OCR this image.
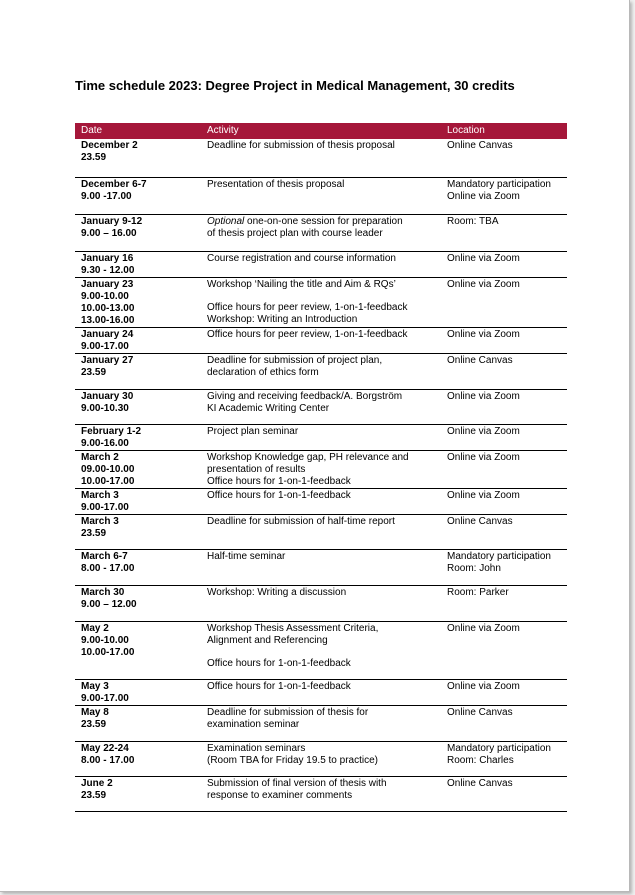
Time schedule 2023: Degree Project in Medical Management, 30 credits
Date	Activity	Location

December 2
23.59	Deadline for submission of thesis proposal	Online Canvas

December 6-7
9.00 -17.00	Presentation of thesis proposal	Mandatory participation
Online via Zoom

January 9-12
9.00 – 16.00	Optional one-on-one session for preparation
of thesis project plan with course leader	Room: TBA

January 16
9.30 - 12.00	Course registration and course information	Online via Zoom

January 23
9.00-10.00
10.00-13.00
13.00-16.00	Workshop ‘Nailing the title and Aim & RQs’
Office hours for peer review, 1-on-1-feedback
Workshop: Writing an Introduction	Online via Zoom

January 24
9.00-17.00	Office hours for peer review, 1-on-1-feedback	Online via Zoom

January 27
23.59	Deadline for submission of project plan,
declaration of ethics form	Online Canvas

January 30
9.00-10.30	Giving and receiving feedback/A. Borgström
KI Academic Writing Center	Online via Zoom

February 1-2
9.00-16.00	Project plan seminar	Online via Zoom

March 2
09.00-10.00
10.00-17.00	Workshop Knowledge gap, PH relevance and
presentation of results
Office hours for 1-on-1-feedback	Online via Zoom

March 3
9.00-17.00	Office hours for 1-on-1-feedback	Online via Zoom

March 3
23.59	Deadline for submission of half-time report	Online Canvas

March 6-7
8.00 - 17.00	Half-time seminar	Mandatory participation
Room: John

March 30
9.00 – 12.00	Workshop: Writing a discussion	Room: Parker

May 2
9.00-10.00
10.00-17.00	Workshop Thesis Assessment Criteria,
Alignment and Referencing
Office hours for 1-on-1-feedback	Online via Zoom

May 3
9.00-17.00	Office hours for 1-on-1-feedback	Online via Zoom

May 8
23.59	Deadline for submission of thesis for
examination seminar	Online Canvas

May 22-24
8.00 - 17.00	Examination seminars
(Room TBA for Friday 19.5 to practice)	Mandatory participation
Room: Charles

June 2
23.59	Submission of final version of thesis with
response to examiner comments	Online Canvas
